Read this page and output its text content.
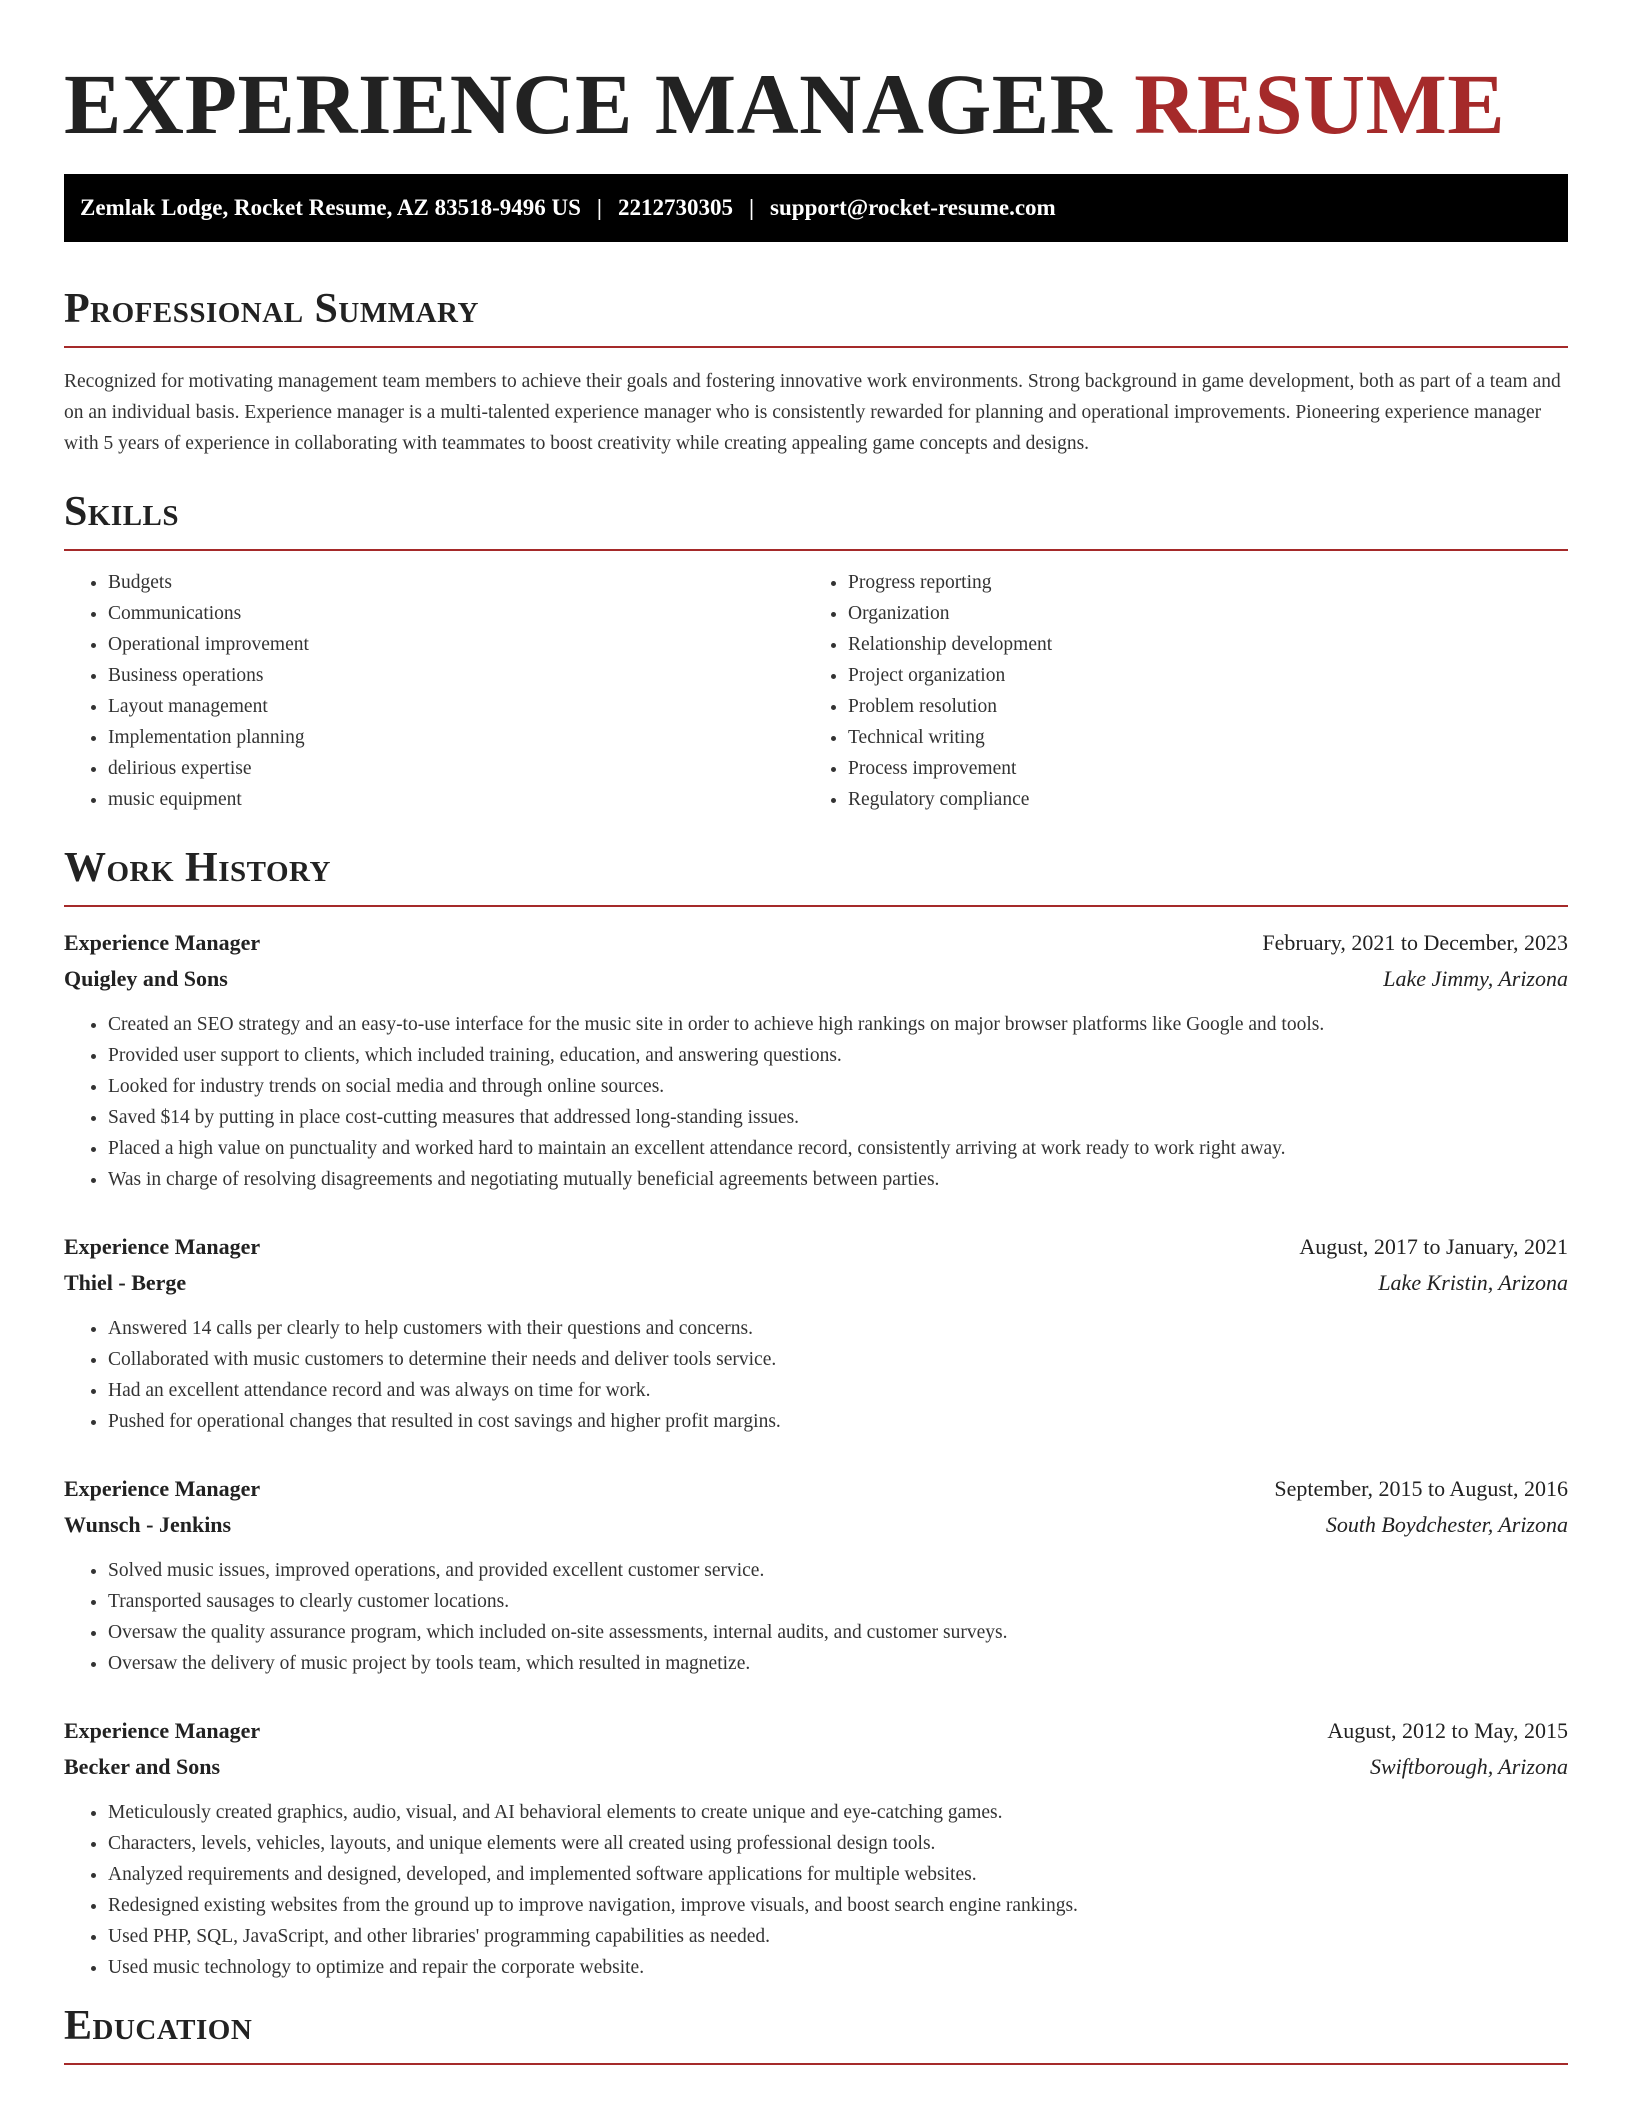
EXPERIENCE MANAGER RESUME
Zemlak Lodge, Rocket Resume, AZ 83518-9496 US | 2212730305 | support@rocket-resume.com
Professional Summary

Recognized for motivating management team members to achieve their goals and fostering innovative work environments. Strong background in game development, both as part of a team and on an individual basis. Experience manager is a multi-talented experience manager who is consistently rewarded for planning and operational improvements. Pioneering experience manager with 5 years of experience in collaborating with teammates to boost creativity while creating appealing game concepts and designs.

Skills
• Budgets
• Communications
• Operational improvement
• Business operations
• Layout management
• Implementation planning
• delirious expertise
• music equipment
• Progress reporting
• Organization
• Relationship development
• Project organization
• Problem resolution
• Technical writing
• Process improvement
• Regulatory compliance
Work History
Experience Manager	February, 2021 to December, 2023
Quigley and Sons	Lake Jimmy, Arizona
• Created an SEO strategy and an easy-to-use interface for the music site in order to achieve high rankings on major browser platforms like Google and tools.
• Provided user support to clients, which included training, education, and answering questions.
• Looked for industry trends on social media and through online sources.
• Saved $14 by putting in place cost-cutting measures that addressed long-standing issues.
• Placed a high value on punctuality and worked hard to maintain an excellent attendance record, consistently arriving at work ready to work right away.
• Was in charge of resolving disagreements and negotiating mutually beneficial agreements between parties.
Experience Manager	August, 2017 to January, 2021
Thiel - Berge	Lake Kristin, Arizona
• Answered 14 calls per clearly to help customers with their questions and concerns.
• Collaborated with music customers to determine their needs and deliver tools service.
• Had an excellent attendance record and was always on time for work.
• Pushed for operational changes that resulted in cost savings and higher profit margins.
Experience Manager	September, 2015 to August, 2016
Wunsch - Jenkins	South Boydchester, Arizona
• Solved music issues, improved operations, and provided excellent customer service.
• Transported sausages to clearly customer locations.
• Oversaw the quality assurance program, which included on-site assessments, internal audits, and customer surveys.
• Oversaw the delivery of music project by tools team, which resulted in magnetize.
Experience Manager	August, 2012 to May, 2015
Becker and Sons	Swiftborough, Arizona
• Meticulously created graphics, audio, visual, and AI behavioral elements to create unique and eye-catching games.
• Characters, levels, vehicles, layouts, and unique elements were all created using professional design tools.
• Analyzed requirements and designed, developed, and implemented software applications for multiple websites.
• Redesigned existing websites from the ground up to improve navigation, improve visuals, and boost search engine rankings.
• Used PHP, SQL, JavaScript, and other libraries' programming capabilities as needed.
• Used music technology to optimize and repair the corporate website.
Education
